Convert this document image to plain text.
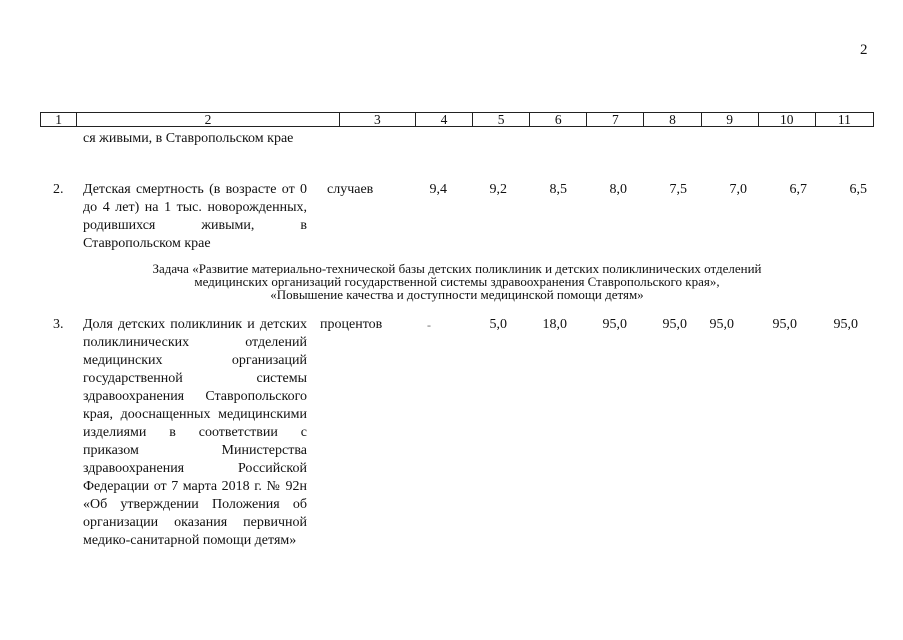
2
1	2	3	4	5	6	7	8	9	10	11
ся живыми, в Ставропольском крае
2. Детская смертность (в возрасте от 0 до 4 лет) на 1 тыс. новорожденных, родившихся живыми, в Ставропольском крае
случаев	9,4	9,2	8,5	8,0	7,5	7,0	6,7	6,5
Задача «Развитие материально-технической базы детских поликлиник и детских поликлинических отделений
медицинских организаций государственной системы здравоохранения Ставропольского края»,
«Повышение качества и доступности медицинской помощи детям»
3. Доля детских поликлиник и детских поликлинических отделений медицинских организаций государственной системы здравоохранения Ставропольского края, дооснащенных медицинскими изделиями в соответствии с приказом Министерства здравоохранения Российской Федерации от 7 марта 2018 г. № 92н «Об утверждении Положения об организации оказания первичной медико-санитарной помощи детям»
процентов	-	5,0	18,0	95,0	95,0	95,0	95,0	95,0
